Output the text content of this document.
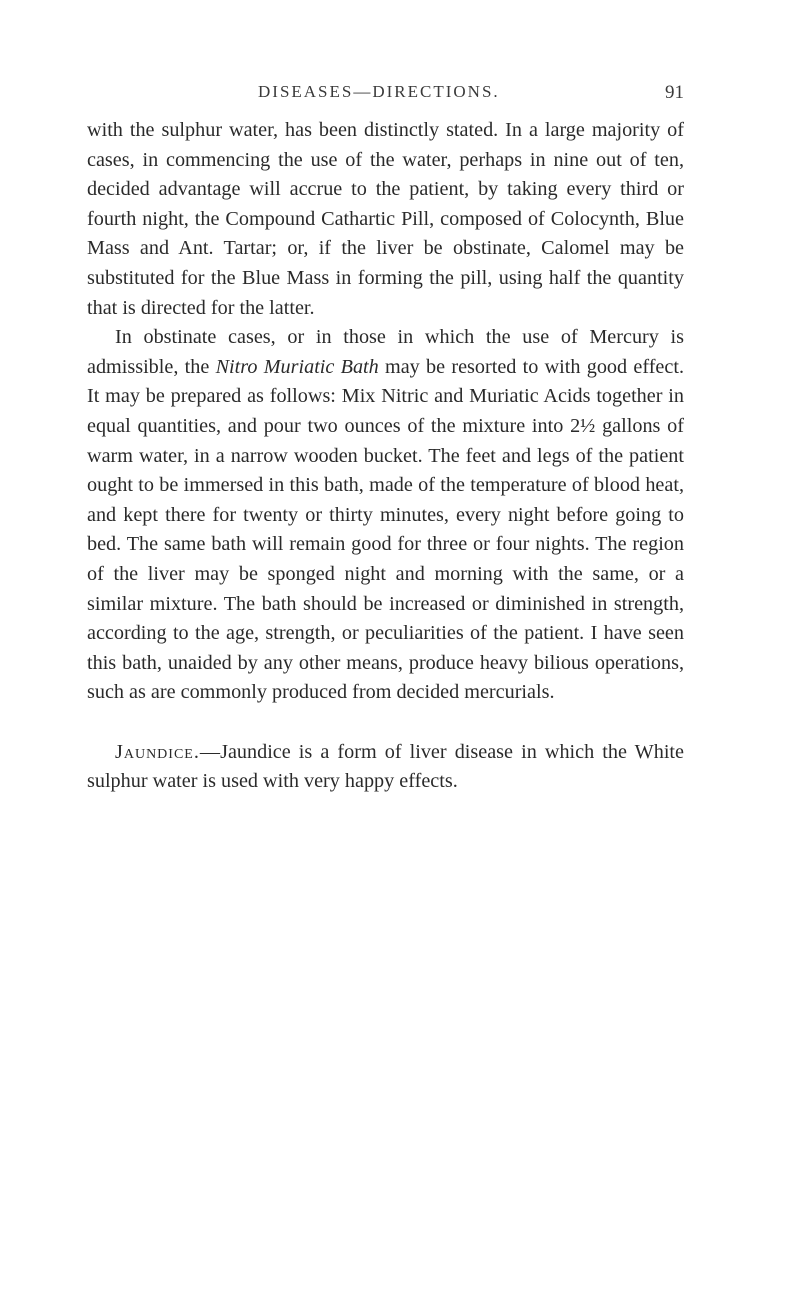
DISEASES—DIRECTIONS.	91

with the sulphur water, has been distinctly stated. In a large majority of cases, in commencing the use of the water, perhaps in nine out of ten, decided advantage will accrue to the patient, by taking every third or fourth night, the Compound Cathartic Pill, composed of Colocynth, Blue Mass and Ant. Tartar; or, if the liver be obstinate, Calomel may be substituted for the Blue Mass in forming the pill, using half the quantity that is directed for the latter.

In obstinate cases, or in those in which the use of Mercury is admissible, the Nitro Muriatic Bath may be resorted to with good effect. It may be prepared as follows: Mix Nitric and Muriatic Acids together in equal quantities, and pour two ounces of the mixture into 2½ gallons of warm water, in a narrow wooden bucket. The feet and legs of the patient ought to be immersed in this bath, made of the temperature of blood heat, and kept there for twenty or thirty minutes, every night before going to bed. The same bath will remain good for three or four nights. The region of the liver may be sponged night and morning with the same, or a similar mixture. The bath should be increased or diminished in strength, according to the age, strength, or peculiarities of the patient. I have seen this bath, unaided by any other means, produce heavy bilious operations, such as are commonly produced from decided mercurials.

Jaundice.—Jaundice is a form of liver disease in which the White sulphur water is used with very happy effects.
